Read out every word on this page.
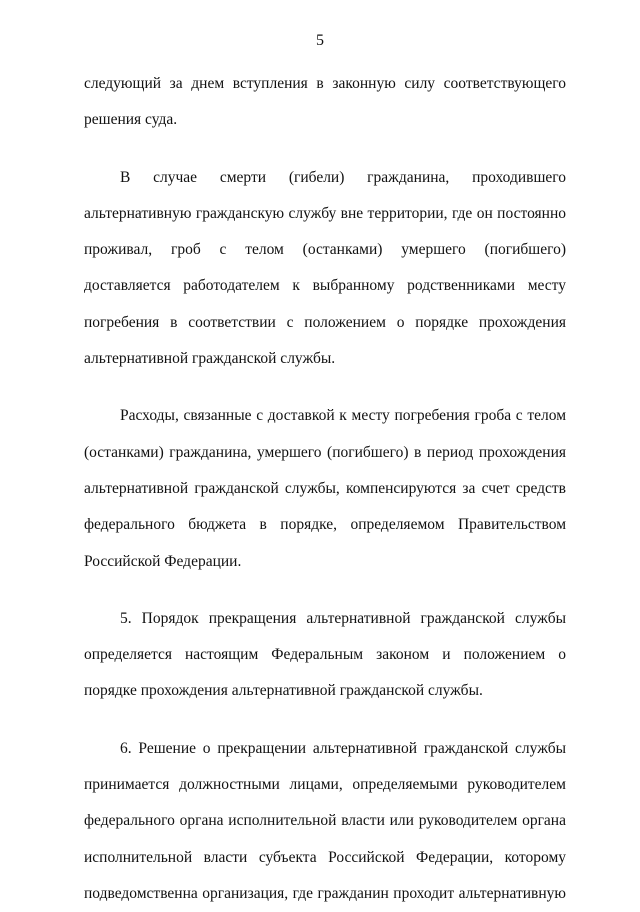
5

следующий за днем вступления в законную силу соответствующего решения суда.

В случае смерти (гибели) гражданина, проходившего альтернативную гражданскую службу вне территории, где он постоянно проживал, гроб с телом (останками) умершего (погибшего) доставляется работодателем к выбранному родственниками месту погребения в соответствии с положением о порядке прохождения альтернативной гражданской службы.

Расходы, связанные с доставкой к месту погребения гроба с телом (останками) гражданина, умершего (погибшего) в период прохождения альтернативной гражданской службы, компенсируются за счет средств федерального бюджета в порядке, определяемом Правительством Российской Федерации.

5. Порядок прекращения альтернативной гражданской службы определяется настоящим Федеральным законом и положением о порядке прохождения альтернативной гражданской службы.

6. Решение о прекращении альтернативной гражданской службы принимается должностными лицами, определяемыми руководителем федерального органа исполнительной власти или руководителем органа исполнительной власти субъекта Российской Федерации, которому подведомственна организация, где гражданин проходит альтернативную
